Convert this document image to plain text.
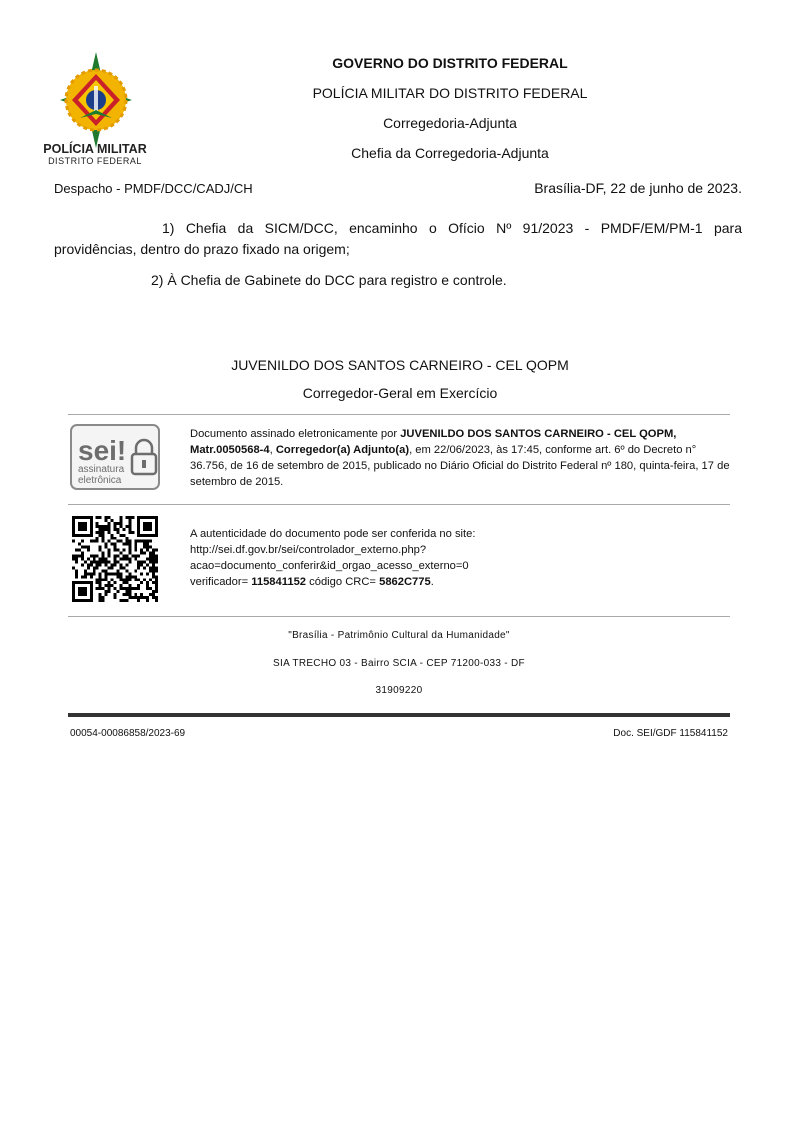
POLÍCIA MILITAR
DISTRITO FEDERAL
GOVERNO DO DISTRITO FEDERAL
POLÍCIA MILITAR DO DISTRITO FEDERAL
Corregedoria-Adjunta
Chefia da Corregedoria-Adjunta
Despacho - PMDF/DCC/CADJ/CH	Brasília-DF, 22 de junho de 2023.
1) Chefia da SICM/DCC, encaminho o Ofício Nº 91/2023 - PMDF/EM/PM-1 para providências, dentro do prazo fixado na origem;
2) À Chefia de Gabinete do DCC para registro e controle.
JUVENILDO DOS SANTOS CARNEIRO - CEL QOPM
Corregedor-Geral em Exercício
sei!
assinatura
eletrônica
Documento assinado eletronicamente por JUVENILDO DOS SANTOS CARNEIRO - CEL QOPM, Matr.0050568-4, Corregedor(a) Adjunto(a), em 22/06/2023, às 17:45, conforme art. 6º do Decreto n° 36.756, de 16 de setembro de 2015, publicado no Diário Oficial do Distrito Federal nº 180, quinta-feira, 17 de setembro de 2015.
A autenticidade do documento pode ser conferida no site:
http://sei.df.gov.br/sei/controlador_externo.php?
acao=documento_conferir&id_orgao_acesso_externo=0
verificador= 115841152 código CRC= 5862C775.
"Brasília - Patrimônio Cultural da Humanidade"
SIA TRECHO 03 - Bairro SCIA - CEP 71200-033 - DF
31909220
00054-00086858/2023-69	Doc. SEI/GDF 115841152
